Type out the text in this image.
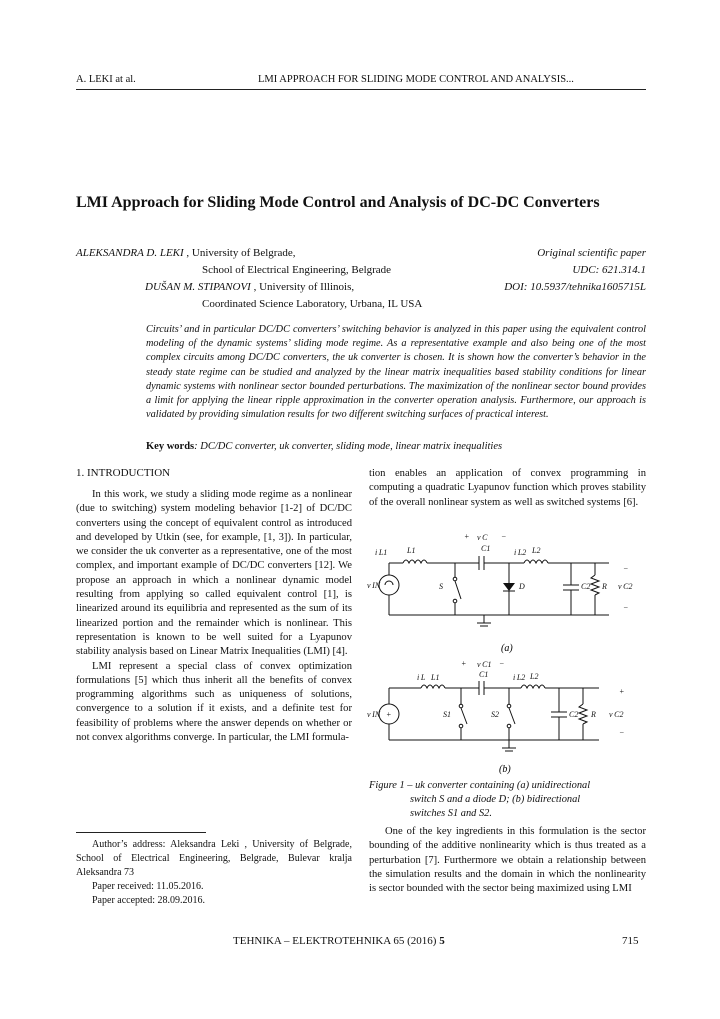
A. LEKI at al.	LMI APPROACH FOR SLIDING MODE CONTROL AND ANALYSIS...
LMI Approach for Sliding Mode Control and Analysis of DC-DC Converters
ALEKSANDRA D. LEKI , University of Belgrade,
School of Electrical Engineering, Belgrade
DUŠAN M. STIPANOVI , University of Illinois,
Coordinated Science Laboratory, Urbana, IL USA
Original scientific paper
UDC: 621.314.1
DOI: 10.5937/tehnika1605715L
Circuits’ and in particular DC/DC converters’ switching behavior is analyzed in this paper using the equivalent control modeling of the dynamic systems’ sliding mode regime. As a representative example and also being one of the most complex circuits among DC/DC converters, the uk converter is chosen. It is shown how the converter’s behavior in the steady state regime can be studied and analyzed by the linear matrix inequalities based stability conditions for linear dynamic systems with nonlinear sector bounded perturbations. The maximization of the nonlinear sector bound provides a limit for applying the linear ripple approximation in the converter operation analysis. Furthermore, our approach is validated by providing simulation results for two different switching surfaces of practical interest.
Key words: DC/DC converter, uk converter, sliding mode, linear matrix inequalities
1. INTRODUCTION

In this work, we study a sliding mode regime as a nonlinear (due to switching) system modeling behavior [1-2] of DC/DC converters using the concept of equivalent control as introduced and developed by Utkin (see, for example, [1, 3]). In particular, we consider the uk converter as a representative, one of the most complex, and important example of DC/DC converters [12]. We propose an approach in which a nonlinear dynamic model resulting from applying so called equivalent control [1], is linearized around its equilibria and represented as the sum of its linearized portion and the remainder which is nonlinear. This representation is known to be well suited for a Lyapunov stability analysis based on Linear Matrix Inequalities (LMI) [4].

LMI represent a special class of convex optimization formulations [5] which thus inherit all the benefits of convex programming algorithms such as uniqueness of solutions, convergence to a solution if it exists, and a definite test for feasibility of problems where the answer depends on whether or not convex algorithms converge. In particular, the LMI formula-

Author’s address: Aleksandra Leki , University of Belgrade, School of Electrical Engineering, Belgrade, Bulevar kralja Aleksandra 73

Paper received: 11.05.2016.

Paper accepted: 28.09.2016.

tion enables an application of convex programming in computing a quadratic Lyapunov function which proves stability of the overall nonlinear system as well as switched systems [6].

+ v C −
C1
i L1 L1	i L2 L2
v IN	S	D	C2 R v C2
−
−
(a)
+ v C1 −
C1
i L L1	i L2 L2
+
v IN	S1	S2	C2 R v C2
+
−
(b)
Figure 1 – uk converter containing (a) unidirectional
switch S and a diode D; (b) bidirectional
switches S1 and S2.

One of the key ingredients in this formulation is the sector bounding of the additive nonlinearity which is thus treated as a perturbation [7]. Furthermore we obtain a relationship between the simulation results and the domain in which the nonlinearity is sector bounded with the sector being maximized using LMI

TEHNIKA – ELEKTROTEHNIKA 65 (2016) 5	715
